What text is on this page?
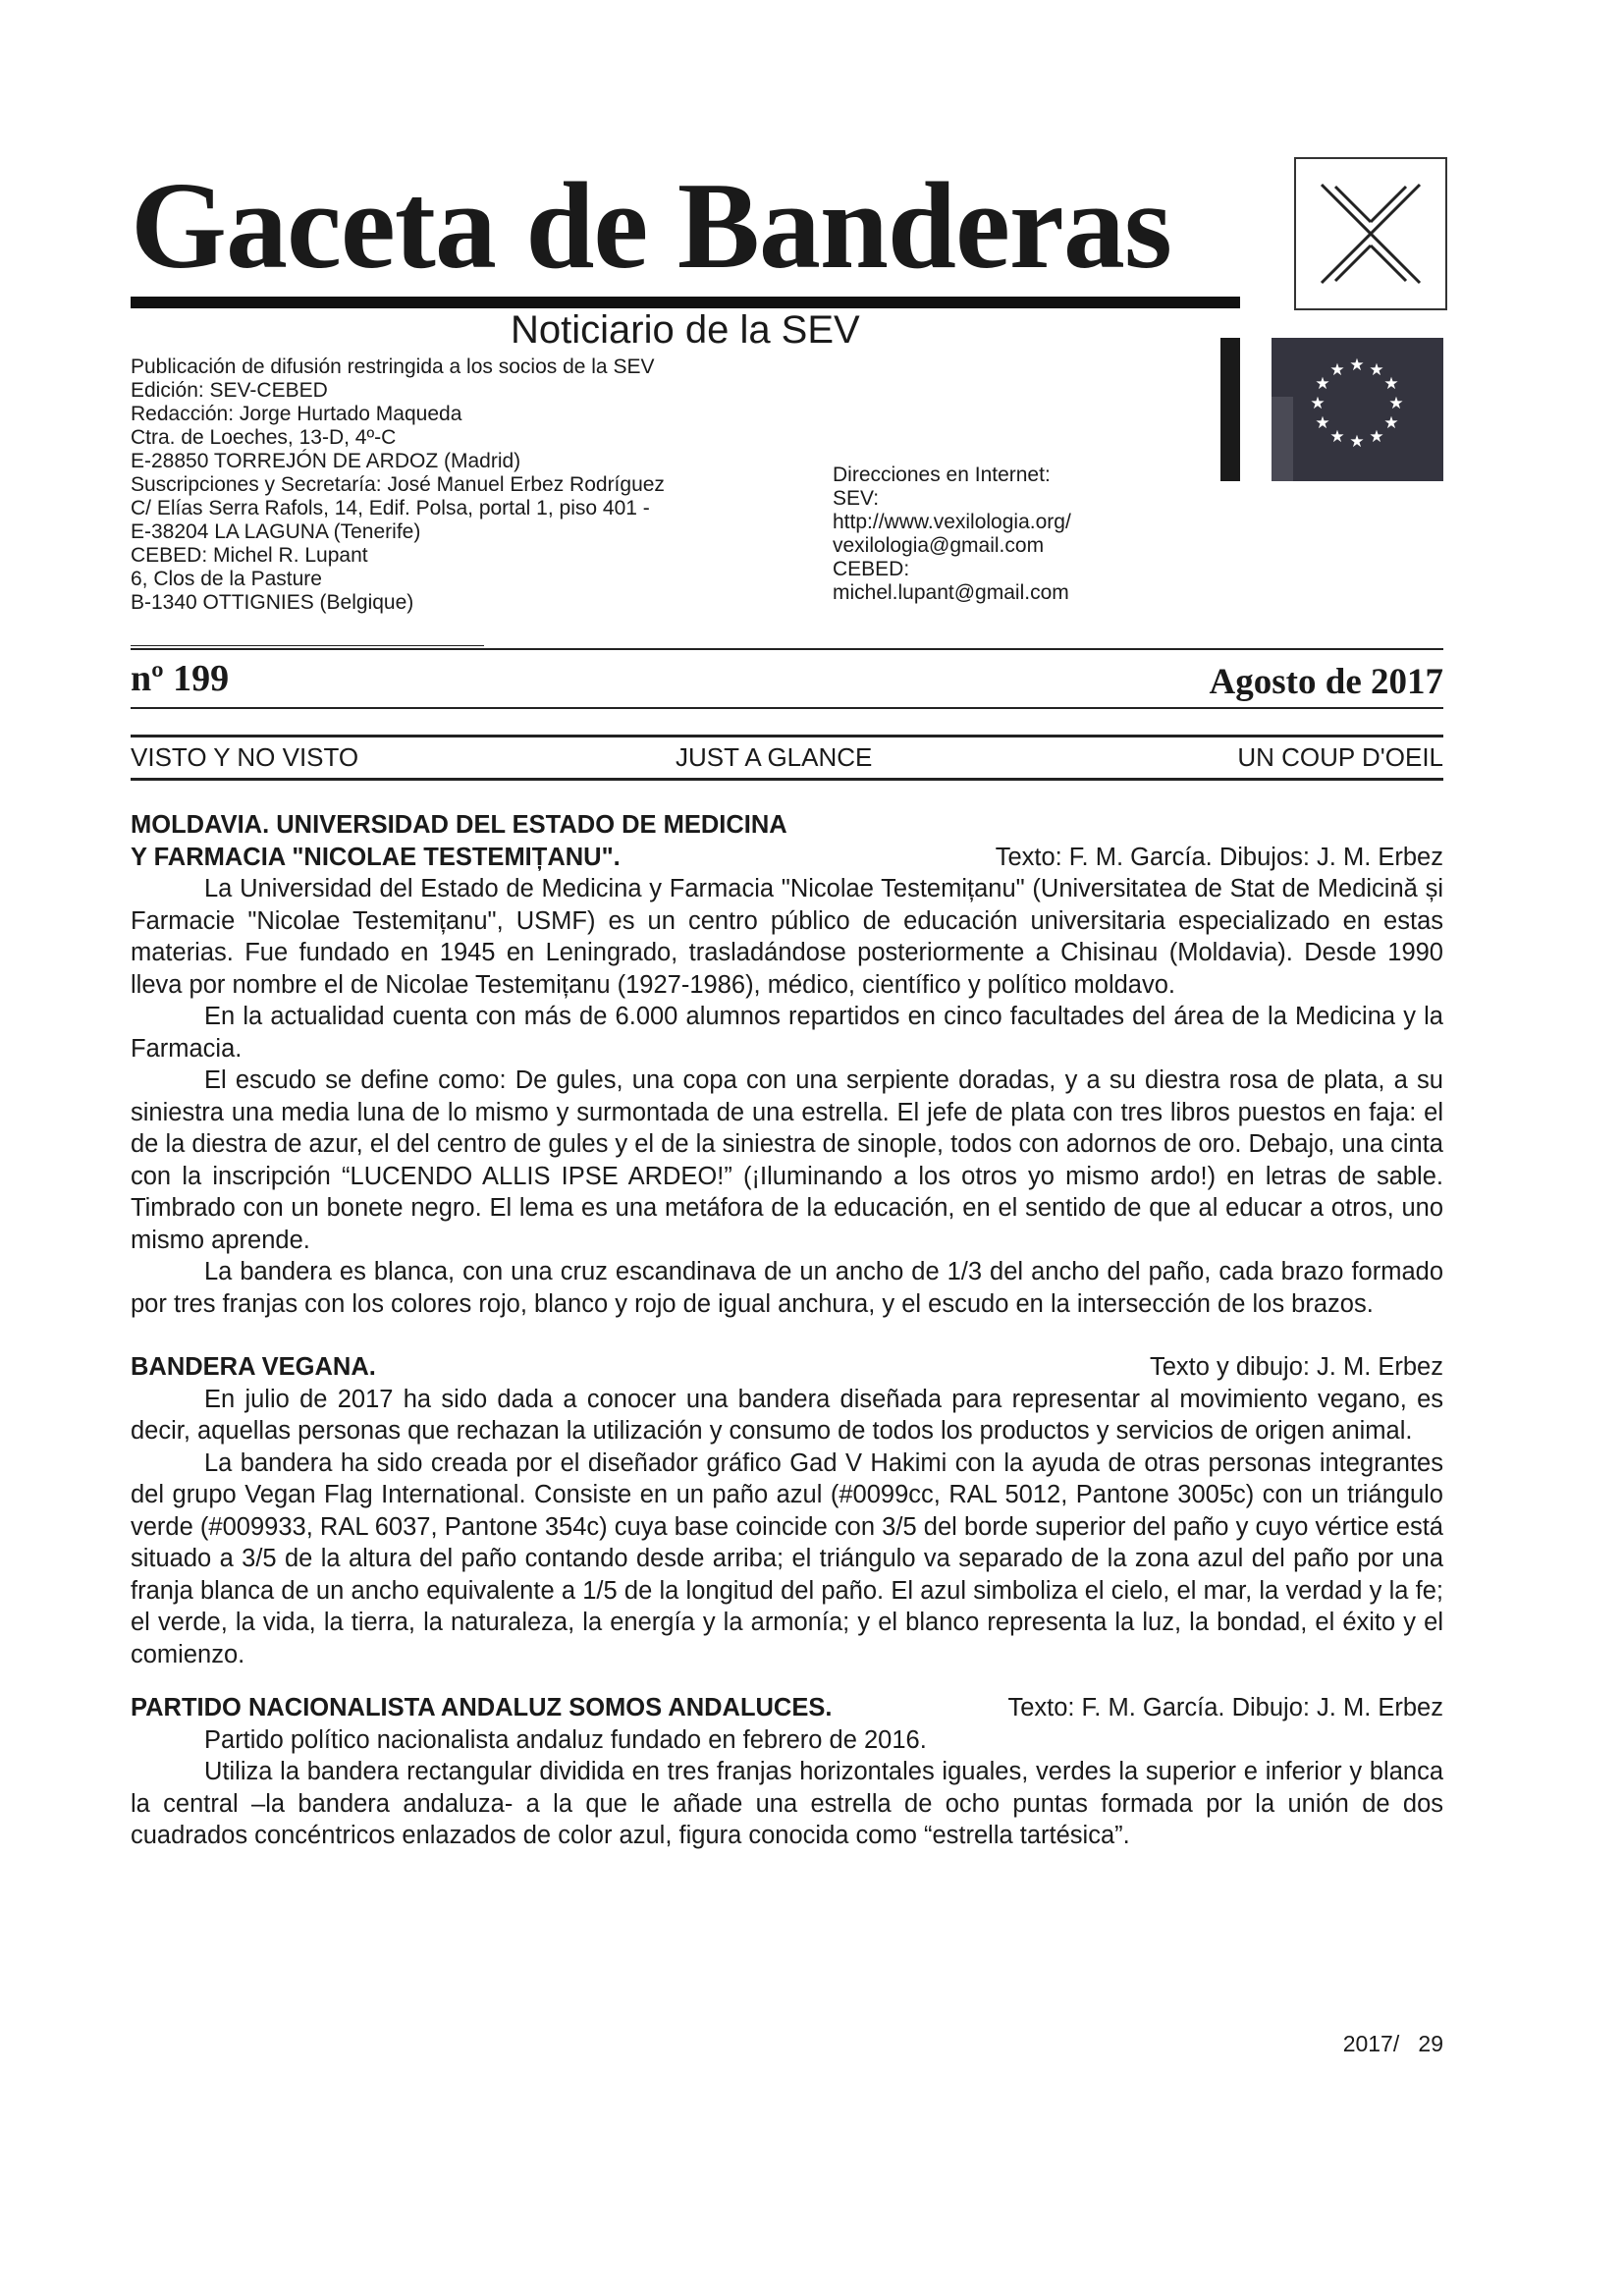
Gaceta de Banderas
Noticiario de la SEV
★ ★
★
★
★
★
★
★
★
★
★
★
Publicación de difusión restringida a los socios de la SEV
Edición: SEV-CEBED
Redacción: Jorge Hurtado Maqueda
Ctra. de Loeches, 13-D, 4º-C
E-28850 TORREJÓN DE ARDOZ (Madrid)
Suscripciones y Secretaría: José Manuel Erbez Rodríguez
C/ Elías Serra Rafols, 14, Edif. Polsa, portal 1, piso 401 -
E-38204 LA LAGUNA (Tenerife)
CEBED: Michel R. Lupant
6, Clos de la Pasture
B-1340 OTTIGNIES (Belgique)
Direcciones en Internet:
SEV:
http://www.vexilologia.org/
vexilologia@gmail.com
CEBED:
michel.lupant@gmail.com
nº 199	Agosto de 2017
VISTO Y NO VISTO	JUST A GLANCE	UN COUP D'OEIL
MOLDAVIA. UNIVERSIDAD DEL ESTADO DE MEDICINA
Y FARMACIA "NICOLAE TESTEMIȚANU".	Texto: F. M. García. Dibujos: J. M. Erbez

La Universidad del Estado de Medicina y Farmacia "Nicolae Testemițanu" (Universitatea de Stat de Medicină și Farmacie "Nicolae Testemițanu", USMF) es un centro público de educación universitaria especializado en estas materias. Fue fundado en 1945 en Leningrado, trasladándose posteriormente a Chisinau (Moldavia). Desde 1990 lleva por nombre el de Nicolae Testemițanu (1927-1986), médico, científico y político moldavo.

En la actualidad cuenta con más de 6.000 alumnos repartidos en cinco facultades del área de la Medicina y la Farmacia.

El escudo se define como: De gules, una copa con una serpiente doradas, y a su diestra rosa de plata, a su siniestra una media luna de lo mismo y surmontada de una estrella. El jefe de plata con tres libros puestos en faja: el de la diestra de azur, el del centro de gules y el de la siniestra de sinople, todos con adornos de oro. Debajo, una cinta con la inscripción “LUCENDO ALLIS IPSE ARDEO!” (¡Iluminando a los otros yo mismo ardo!) en letras de sable. Timbrado con un bonete negro. El lema es una metáfora de la educación, en el sentido de que al educar a otros, uno mismo aprende.

La bandera es blanca, con una cruz escandinava de un ancho de 1/3 del ancho del paño, cada brazo formado por tres franjas con los colores rojo, blanco y rojo de igual anchura, y el escudo en la intersección de los brazos.

BANDERA VEGANA.	Texto y dibujo: J. M. Erbez

En julio de 2017 ha sido dada a conocer una bandera diseñada para representar al movimiento vegano, es decir, aquellas personas que rechazan la utilización y consumo de todos los productos y servicios de origen animal.

La bandera ha sido creada por el diseñador gráfico Gad V Hakimi con la ayuda de otras personas integrantes del grupo Vegan Flag International. Consiste en un paño azul (#0099cc, RAL 5012, Pantone 3005c) con un triángulo verde (#009933, RAL 6037, Pantone 354c) cuya base coincide con 3/5 del borde superior del paño y cuyo vértice está situado a 3/5 de la altura del paño contando desde arriba; el triángulo va separado de la zona azul del paño por una franja blanca de un ancho equivalente a 1/5 de la longitud del paño. El azul simboliza el cielo, el mar, la verdad y la fe; el verde, la vida, la tierra, la naturaleza, la energía y la armonía; y el blanco representa la luz, la bondad, el éxito y el comienzo.

PARTIDO NACIONALISTA ANDALUZ SOMOS ANDALUCES.	Texto: F. M. García. Dibujo: J. M. Erbez

Partido político nacionalista andaluz fundado en febrero de 2016.

Utiliza la bandera rectangular dividida en tres franjas horizontales iguales, verdes la superior e inferior y blanca la central –la bandera andaluza- a la que le añade una estrella de ocho puntas formada por la unión de dos cuadrados concéntricos enlazados de color azul, figura conocida como “estrella tartésica”.

2017/   29
